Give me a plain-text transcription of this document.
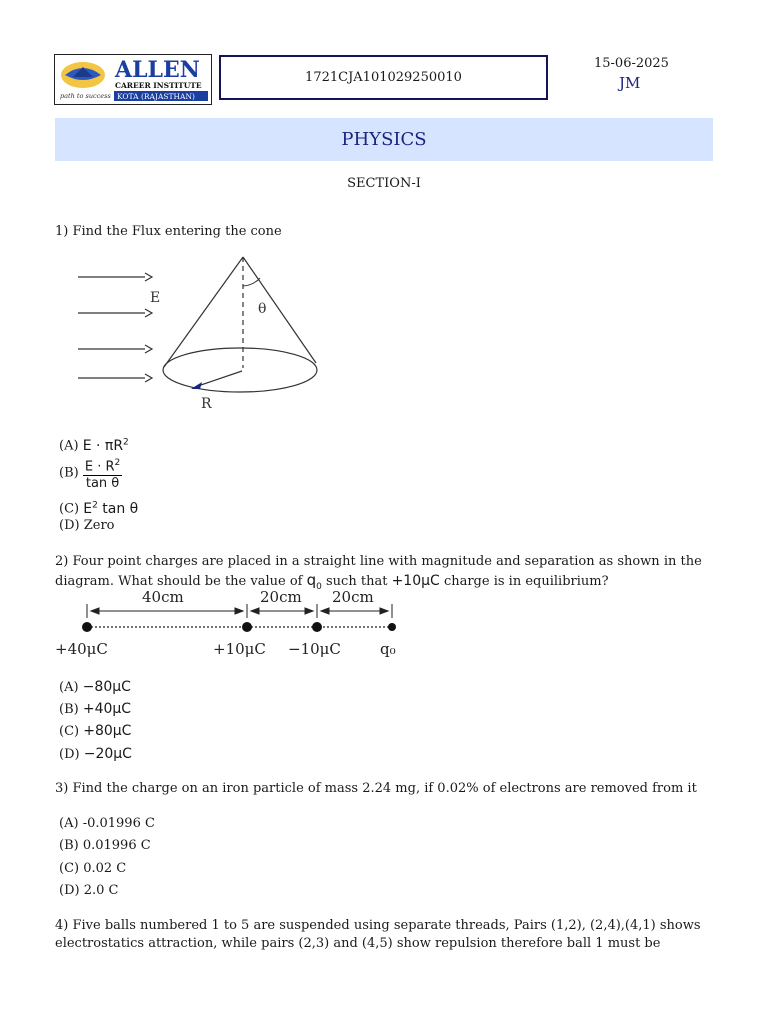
path to success
ALLEN
CAREER INSTITUTE
KOTA (RAJASTHAN)
1721CJA101029250010
15-06-2025
JM
PHYSICS
SECTION-I
1) Find the Flux entering the cone
E
θ
R
(A) $E \cdot \pi R^2$
$(B) \frac{E \cdot R^2}{\text{tan θ}}$
(C) $E^2$ tan θ
(D) Zero
2) Four point charges are placed in a straight line with magnitude and separation as shown in the
diagram. What should be the value of $q_0$ such that +10μC charge is in equilibrium?
40cm	20cm 20cm
+40μC	+10μC −10μC	q₀
(A) −80μC
(B) +40μC
(C) +80μC
(D) −20μC
3) Find the charge on an iron particle of mass 2.24 mg, if 0.02% of electrons are removed from it
(A) -0.01996 C
(B) 0.01996 C
(C) 0.02 C
(D) 2.0 C
4) Five balls numbered 1 to 5 are suspended using separate threads, Pairs (1,2), (2,4),(4,1) shows
electrostatics attraction, while pairs (2,3) and (4,5) show repulsion therefore ball 1 must be
